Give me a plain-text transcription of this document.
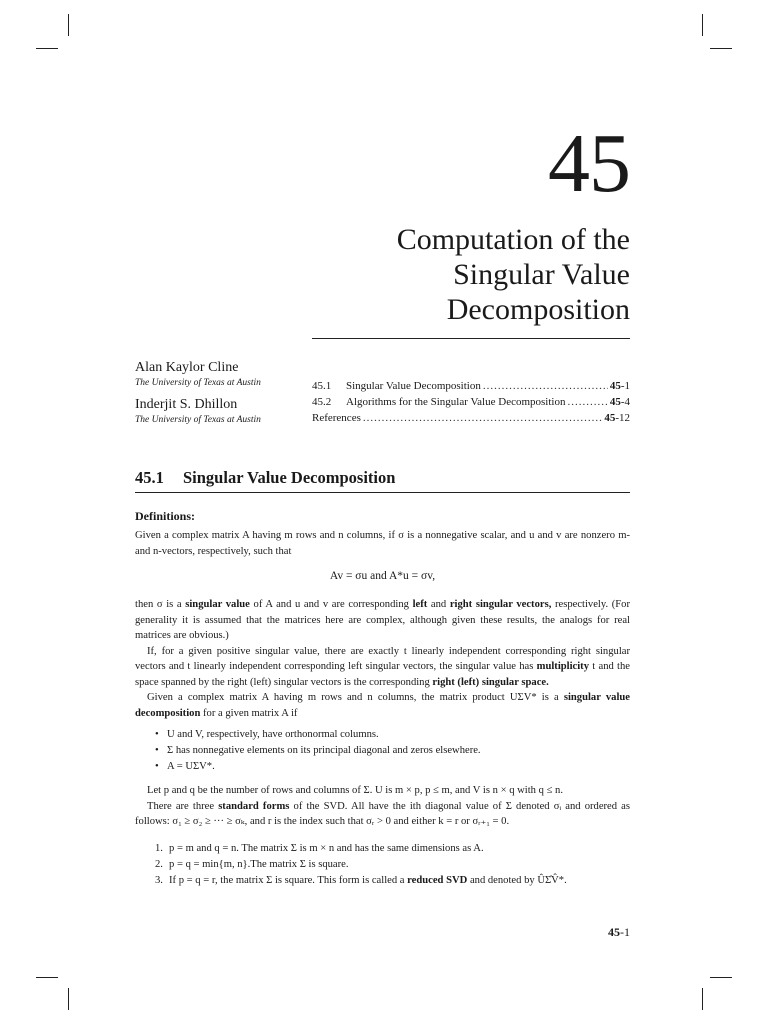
45
Computation of the
Singular Value
Decomposition
Alan Kaylor Cline
The University of Texas at Austin
Inderjit S. Dhillon
The University of Texas at Austin
45.1	Singular Value Decomposition .....	45-1
45.2	Algorithms for the Singular Value Decomposition .....	45-4
References .....	45-12
45.1 Singular Value Decomposition
Definitions:

Given a complex matrix A having m rows and n columns, if σ is a nonnegative scalar, and u and v are nonzero m- and n-vectors, respectively, such that

Av = σu and A*u = σv,

then σ is a singular value of A and u and v are corresponding left and right singular vectors, respectively. (For generality it is assumed that the matrices here are complex, although given these results, the analogs for real matrices are obvious.)

If, for a given positive singular value, there are exactly t linearly independent corresponding right singular vectors and t linearly independent corresponding left singular vectors, the singular value has multiplicity t and the space spanned by the right (left) singular vectors is the corresponding right (left) singular space.

Given a complex matrix A having m rows and n columns, the matrix product UΣV* is a singular value decomposition for a given matrix A if

• U and V, respectively, have orthonormal columns.
• Σ has nonnegative elements on its principal diagonal and zeros elsewhere.
• A = UΣV*.

Let p and q be the number of rows and columns of Σ. U is m × p, p ≤ m, and V is n × q with q ≤ n.

There are three standard forms of the SVD. All have the ith diagonal value of Σ denoted σᵢ and ordered as follows: σ₁ ≥ σ₂ ≥ ··· ≥ σₖ, and r is the index such that σᵣ > 0 and either k = r or σᵣ₊₁ = 0.

1. p = m and q = n. The matrix Σ is m × n and has the same dimensions as A.
2. p = q = min{m, n}.The matrix Σ is square.
3. If p = q = r, the matrix Σ is square. This form is called a reduced SVD and denoted by ÛΣ̂V̂*.
45-1
